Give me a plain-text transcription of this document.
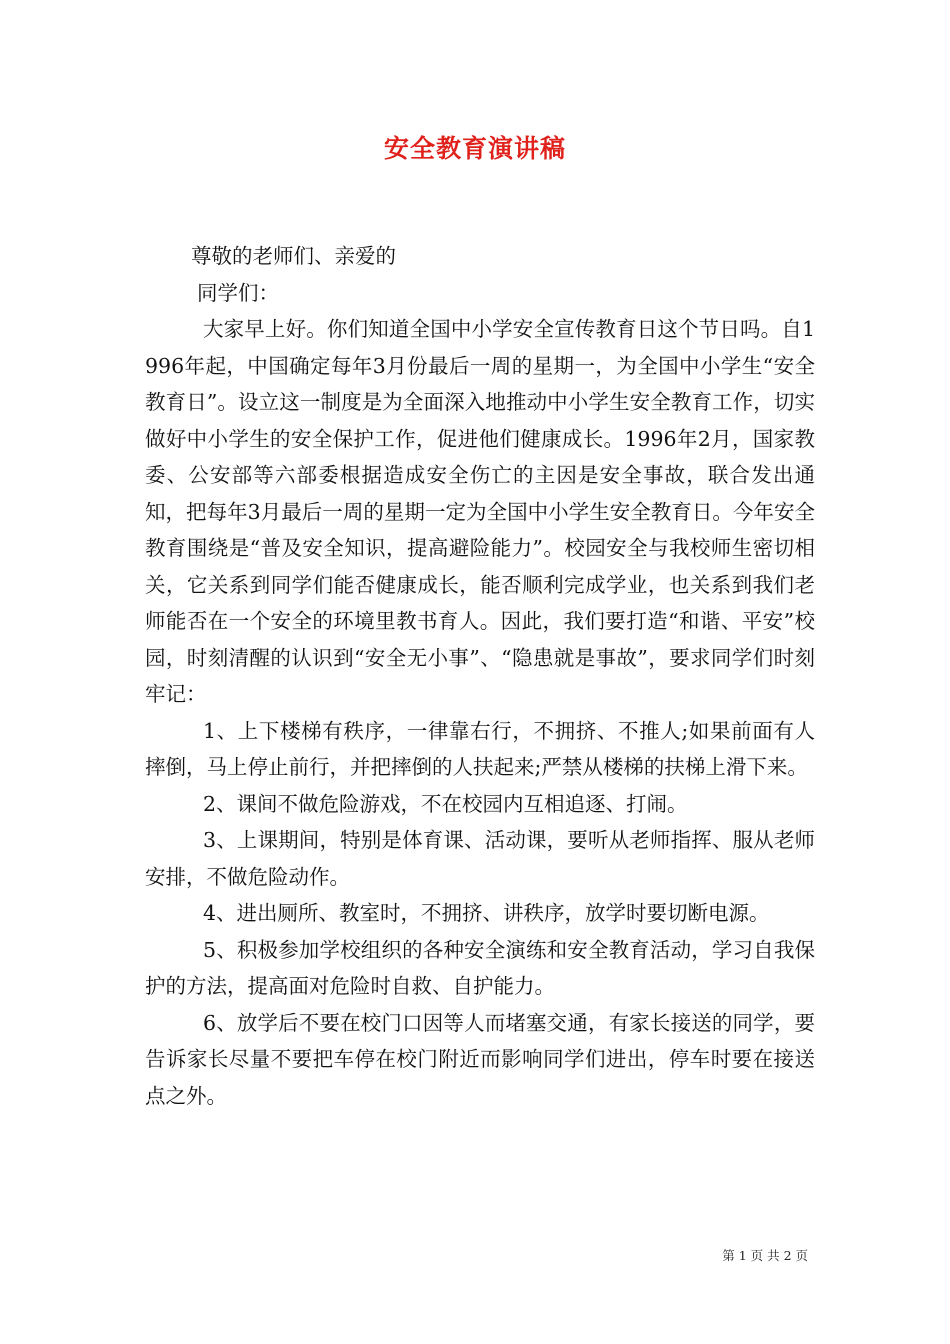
安全教育演讲稿

尊敬的老师们、亲爱的

同学们：

大家早上好。你们知道全国中小学安全宣传教育日这个节日吗。自1996年起，中国确定每年3月份最后一周的星期一，为全国中小学生“安全教育日”。设立这一制度是为全面深入地推动中小学生安全教育工作，切实做好中小学生的安全保护工作，促进他们健康成长。1996年2月，国家教委、公安部等六部委根据造成安全伤亡的主因是安全事故，联合发出通知，把每年3月最后一周的星期一定为全国中小学生安全教育日。今年安全教育围绕是“普及安全知识，提高避险能力”。校园安全与我校师生密切相关，它关系到同学们能否健康成长，能否顺利完成学业，也关系到我们老师能否在一个安全的环境里教书育人。因此，我们要打造“和谐、平安”校园，时刻清醒的认识到“安全无小事”、“隐患就是事故”，要求同学们时刻牢记：

1、上下楼梯有秩序，一律靠右行，不拥挤、不推人;如果前面有人摔倒，马上停止前行，并把摔倒的人扶起来;严禁从楼梯的扶梯上滑下来。

2、课间不做危险游戏，不在校园内互相追逐、打闹。

3、上课期间，特别是体育课、活动课，要听从老师指挥、服从老师安排，不做危险动作。

4、进出厕所、教室时，不拥挤、讲秩序，放学时要切断电源。

5、积极参加学校组织的各种安全演练和安全教育活动，学习自我保护的方法，提高面对危险时自救、自护能力。

6、放学后不要在校门口因等人而堵塞交通，有家长接送的同学，要告诉家长尽量不要把车停在校门附近而影响同学们进出，停车时要在接送点之外。

第 1 页 共 2 页
